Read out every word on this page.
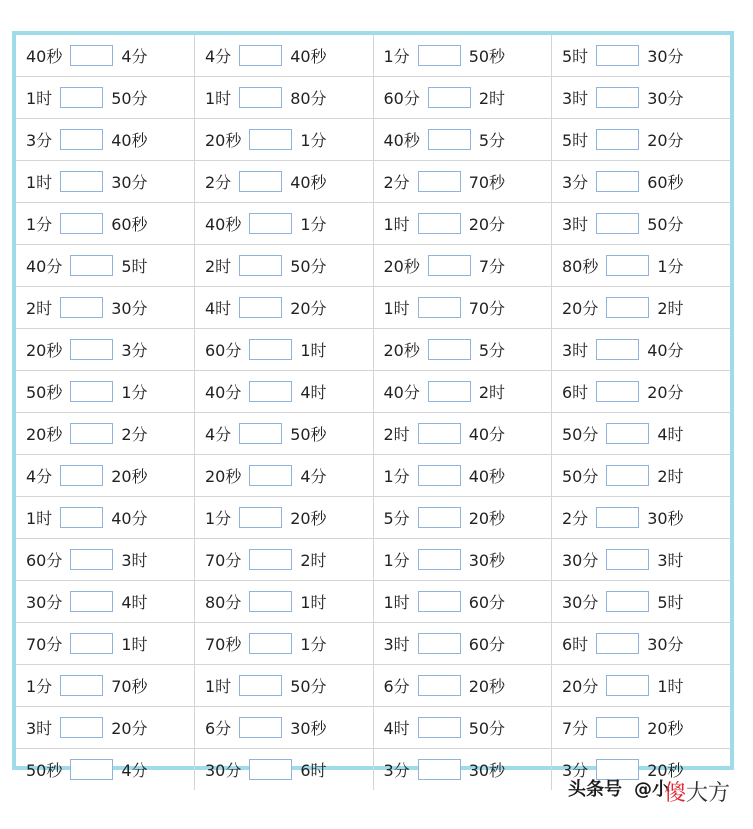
40秒 4分	4分 40秒	1分 50秒	5时 30分

1时 50分	1时 80分	60分 2时	3时 30分

3分 40秒	20秒 1分	40秒 5分	5时 20分

1时 30分	2分 40秒	2分 70秒	3分 60秒

1分 60秒	40秒 1分	1时 20分	3时 50分

40分 5时	2时 50分	20秒 7分	80秒 1分

2时 30分	4时 20分	1时 70分	20分 2时

20秒 3分	60分 1时	20秒 5分	3时 40分

50秒 1分	40分 4时	40分 2时	6时 20分

20秒 2分	4分 50秒	2时 40分	50分 4时

4分 20秒	20秒 4分	1分 40秒	50分 2时

1时 40分	1分 20秒	5分 20秒	2分 30秒

60分 3时	70分 2时	1分 30秒	30分 3时

30分 4时	80分 1时	1时 60分	30分 5时

70分 1时	70秒 1分	3时 60分	6时 30分

1分 70秒	1时 50分	6分 20秒	20分 1时

3时 20分	6分 30秒	4时 50分	7分 20秒

50秒 4分	30分 6时	3分 30秒	3分 20秒
头条号 @小
傻大方
